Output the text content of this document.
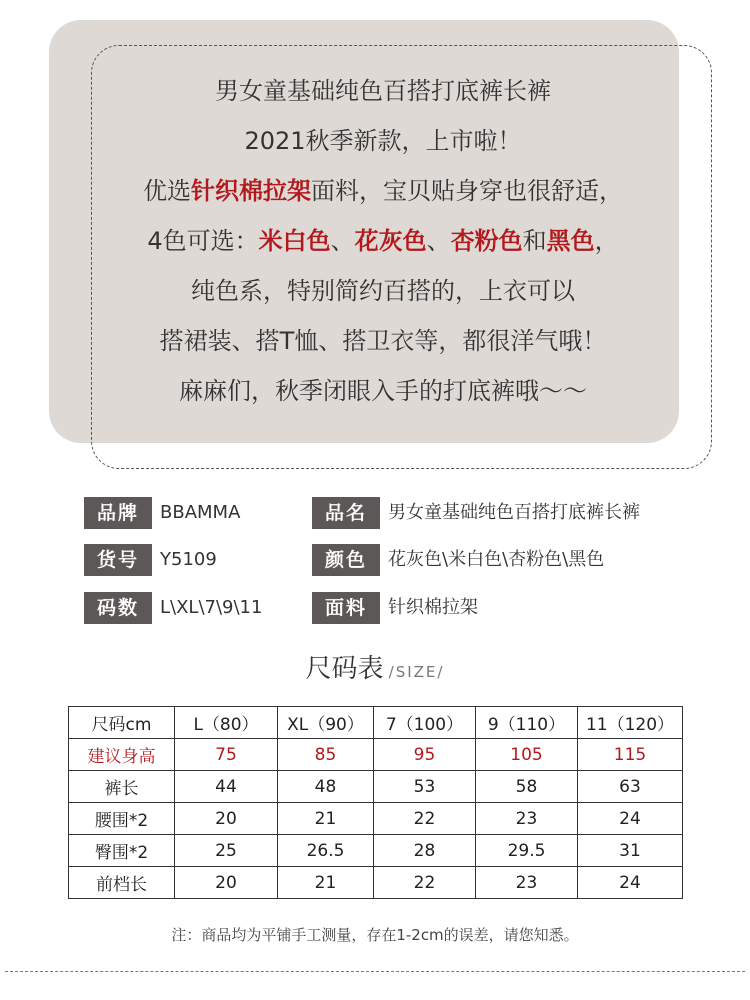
男女童基础纯色百搭打底裤长裤
2021秋季新款，上市啦！
优选针织棉拉架面料，宝贝贴身穿也很舒适，
4色可选：米白色、花灰色、杏粉色和黑色，
纯色系，特别简约百搭的，上衣可以
搭裙装、搭T恤、搭卫衣等，都很洋气哦！
麻麻们，秋季闭眼入手的打底裤哦～～
品牌	BBAMMA	品名	男女童基础纯色百搭打底裤长裤
货号	Y5109	颜色	花灰色\米白色\杏粉色\黑色
码数	L\XL\7\9\11	面料	针织棉拉架
尺码表 /SIZE/
尺码cm	L（80）	XL（90）	7（100）	9（110）	11（120）
建议身高	75	85	95	105	115
裤长	44	48	53	58	63
腰围*2	20	21	22	23	24
臀围*2	25	26.5	28	29.5	31
前档长	20	21	22	23	24
注：商品均为平铺手工测量，存在1-2cm的误差，请您知悉。
